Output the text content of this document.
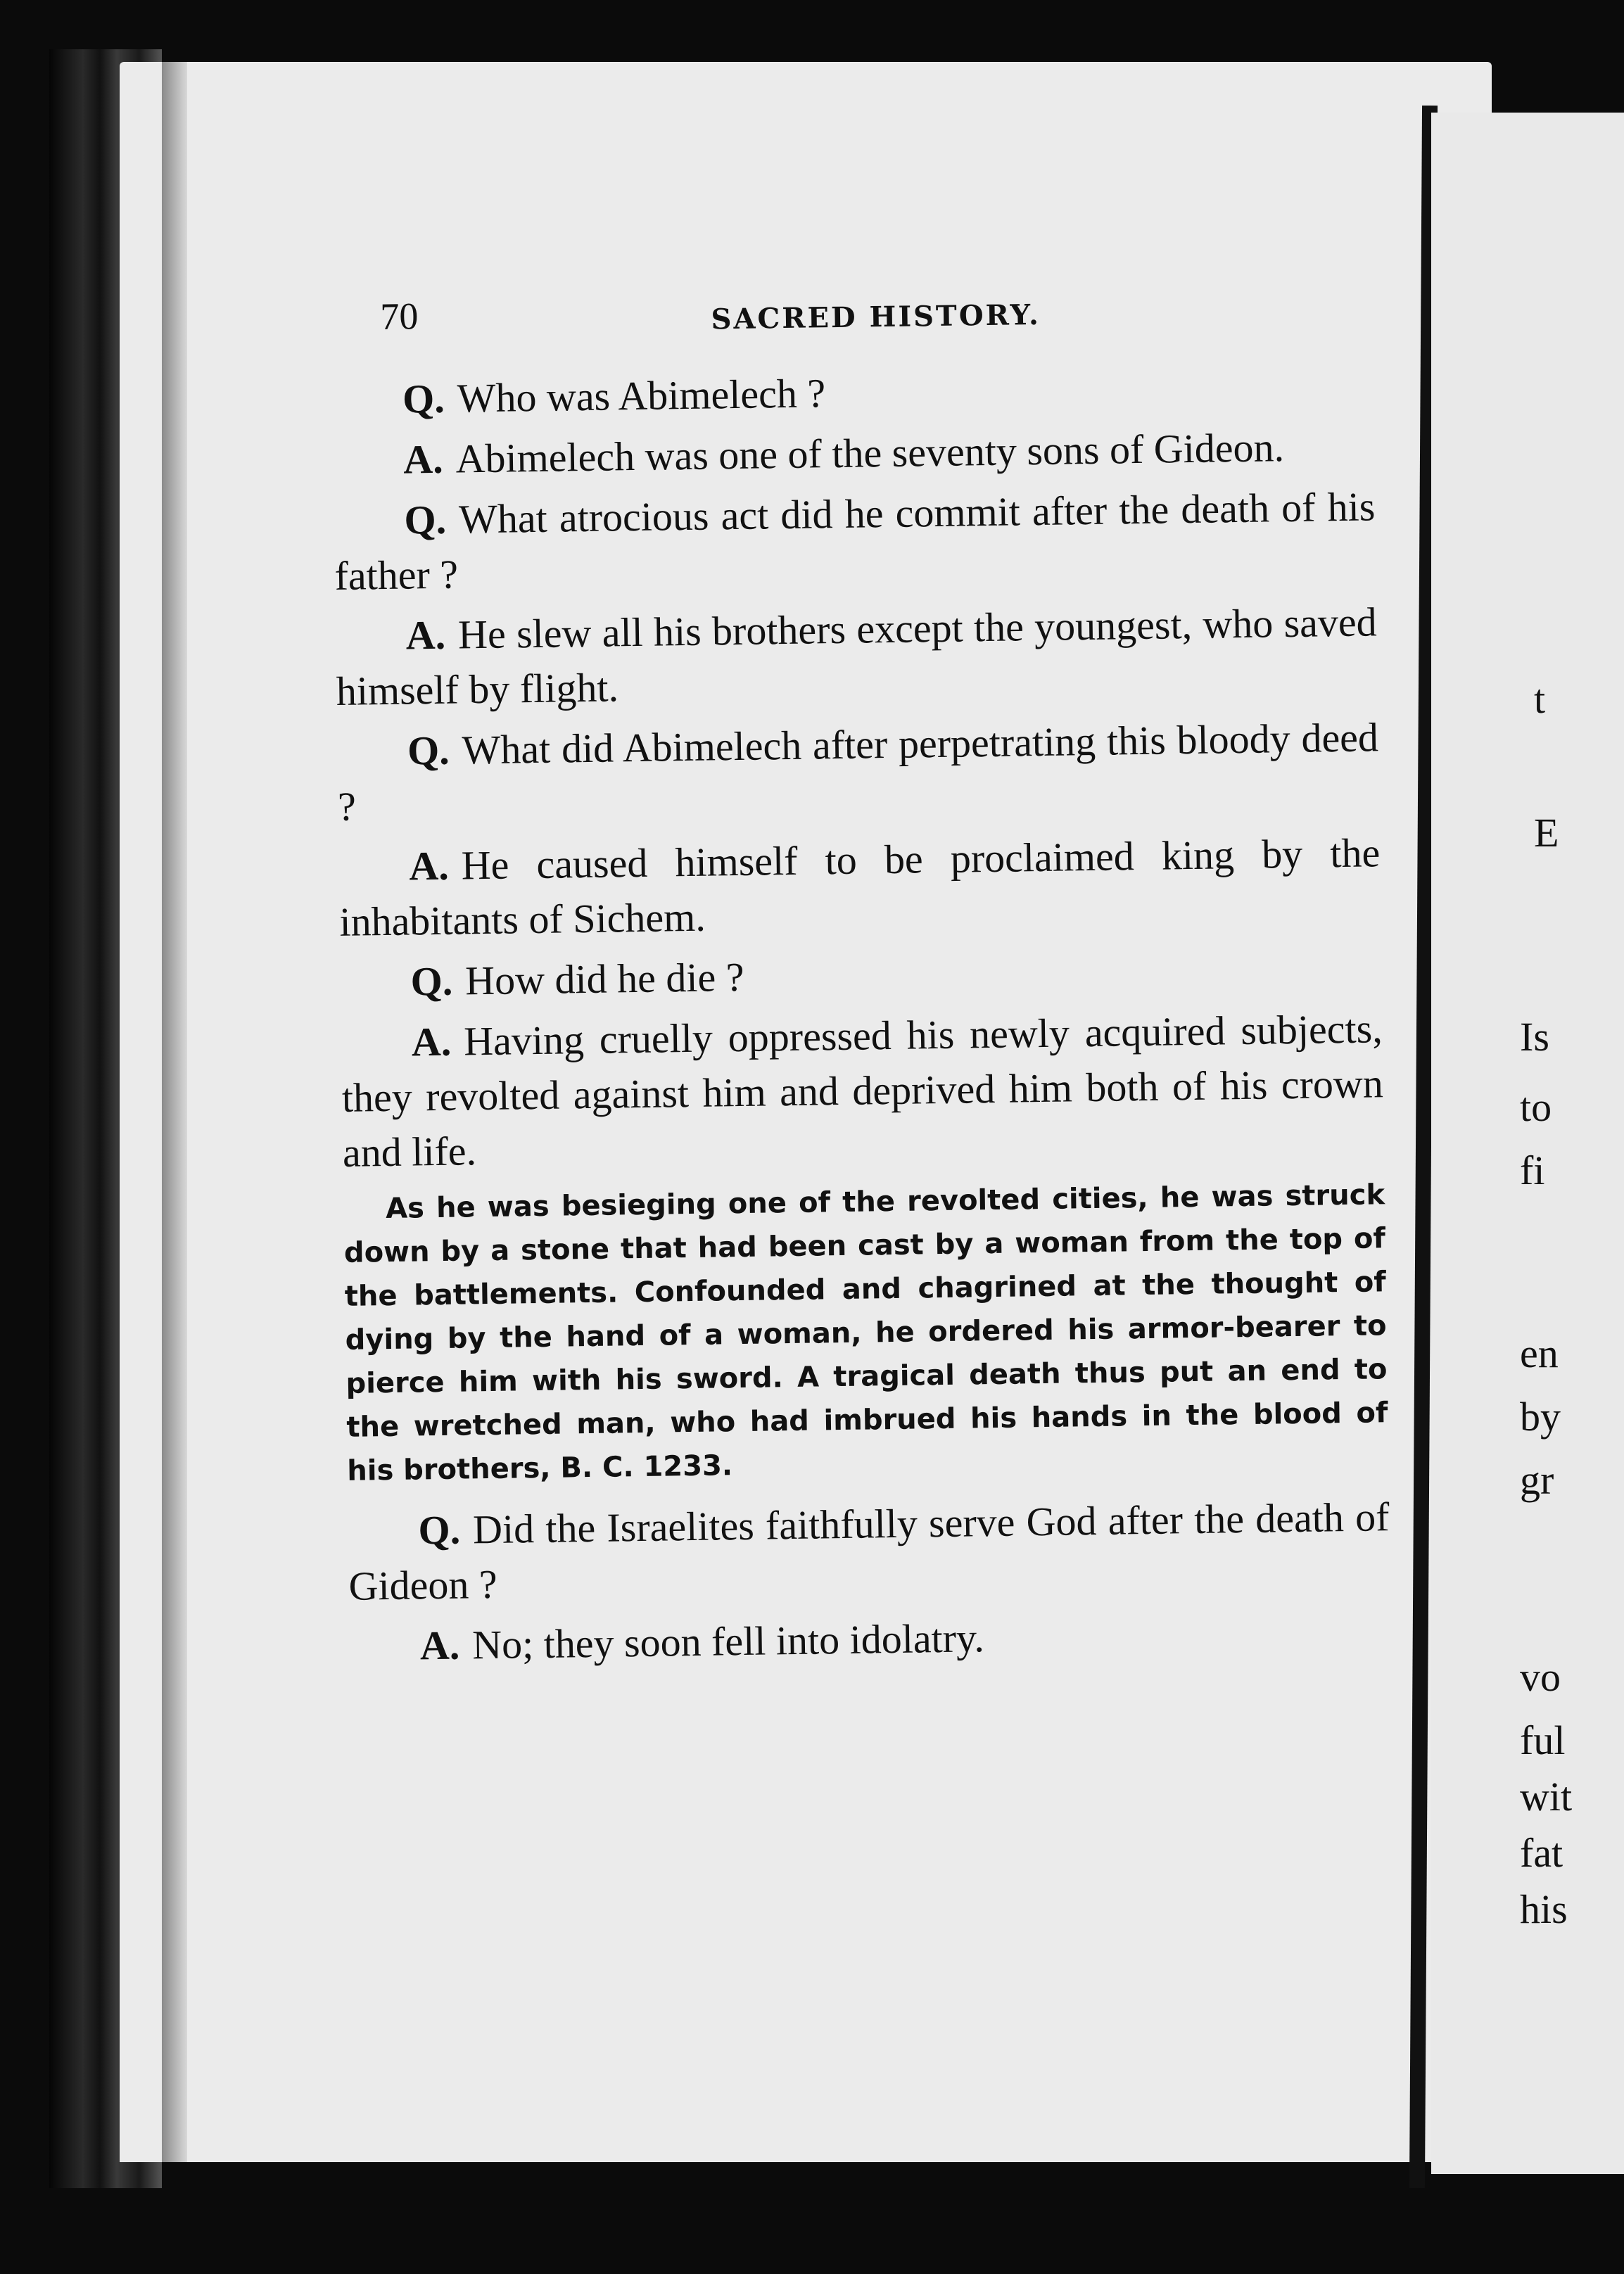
70	SACRED HISTORY.

Q. Who was Abimelech ?

A. Abimelech was one of the seventy sons of Gideon.

Q. What atrocious act did he commit after the death of his father ?

A. He slew all his brothers except the youngest, who saved himself by flight.

Q. What did Abimelech after perpetrating this bloody deed ?

A. He caused himself to be proclaimed king by the inhabitants of Sichem.

Q. How did he die ?

A. Having cruelly oppressed his newly acquired subjects, they revolted against him and deprived him both of his crown and life.

As he was besieging one of the revolted cities, he was struck down by a stone that had been cast by a woman from the top of the battlements. Confounded and chagrined at the thought of dying by the hand of a woman, he ordered his armor-bearer to pierce him with his sword. A tragical death thus put an end to the wretched man, who had imbrued his hands in the blood of his brothers, B. C. 1233.

Q. Did the Israelites faithfully serve God after the death of Gideon ?

A. No; they soon fell into idolatry.

t
E
Is
to
fi
en
by
gr
vo
ful
wit
fat
his
